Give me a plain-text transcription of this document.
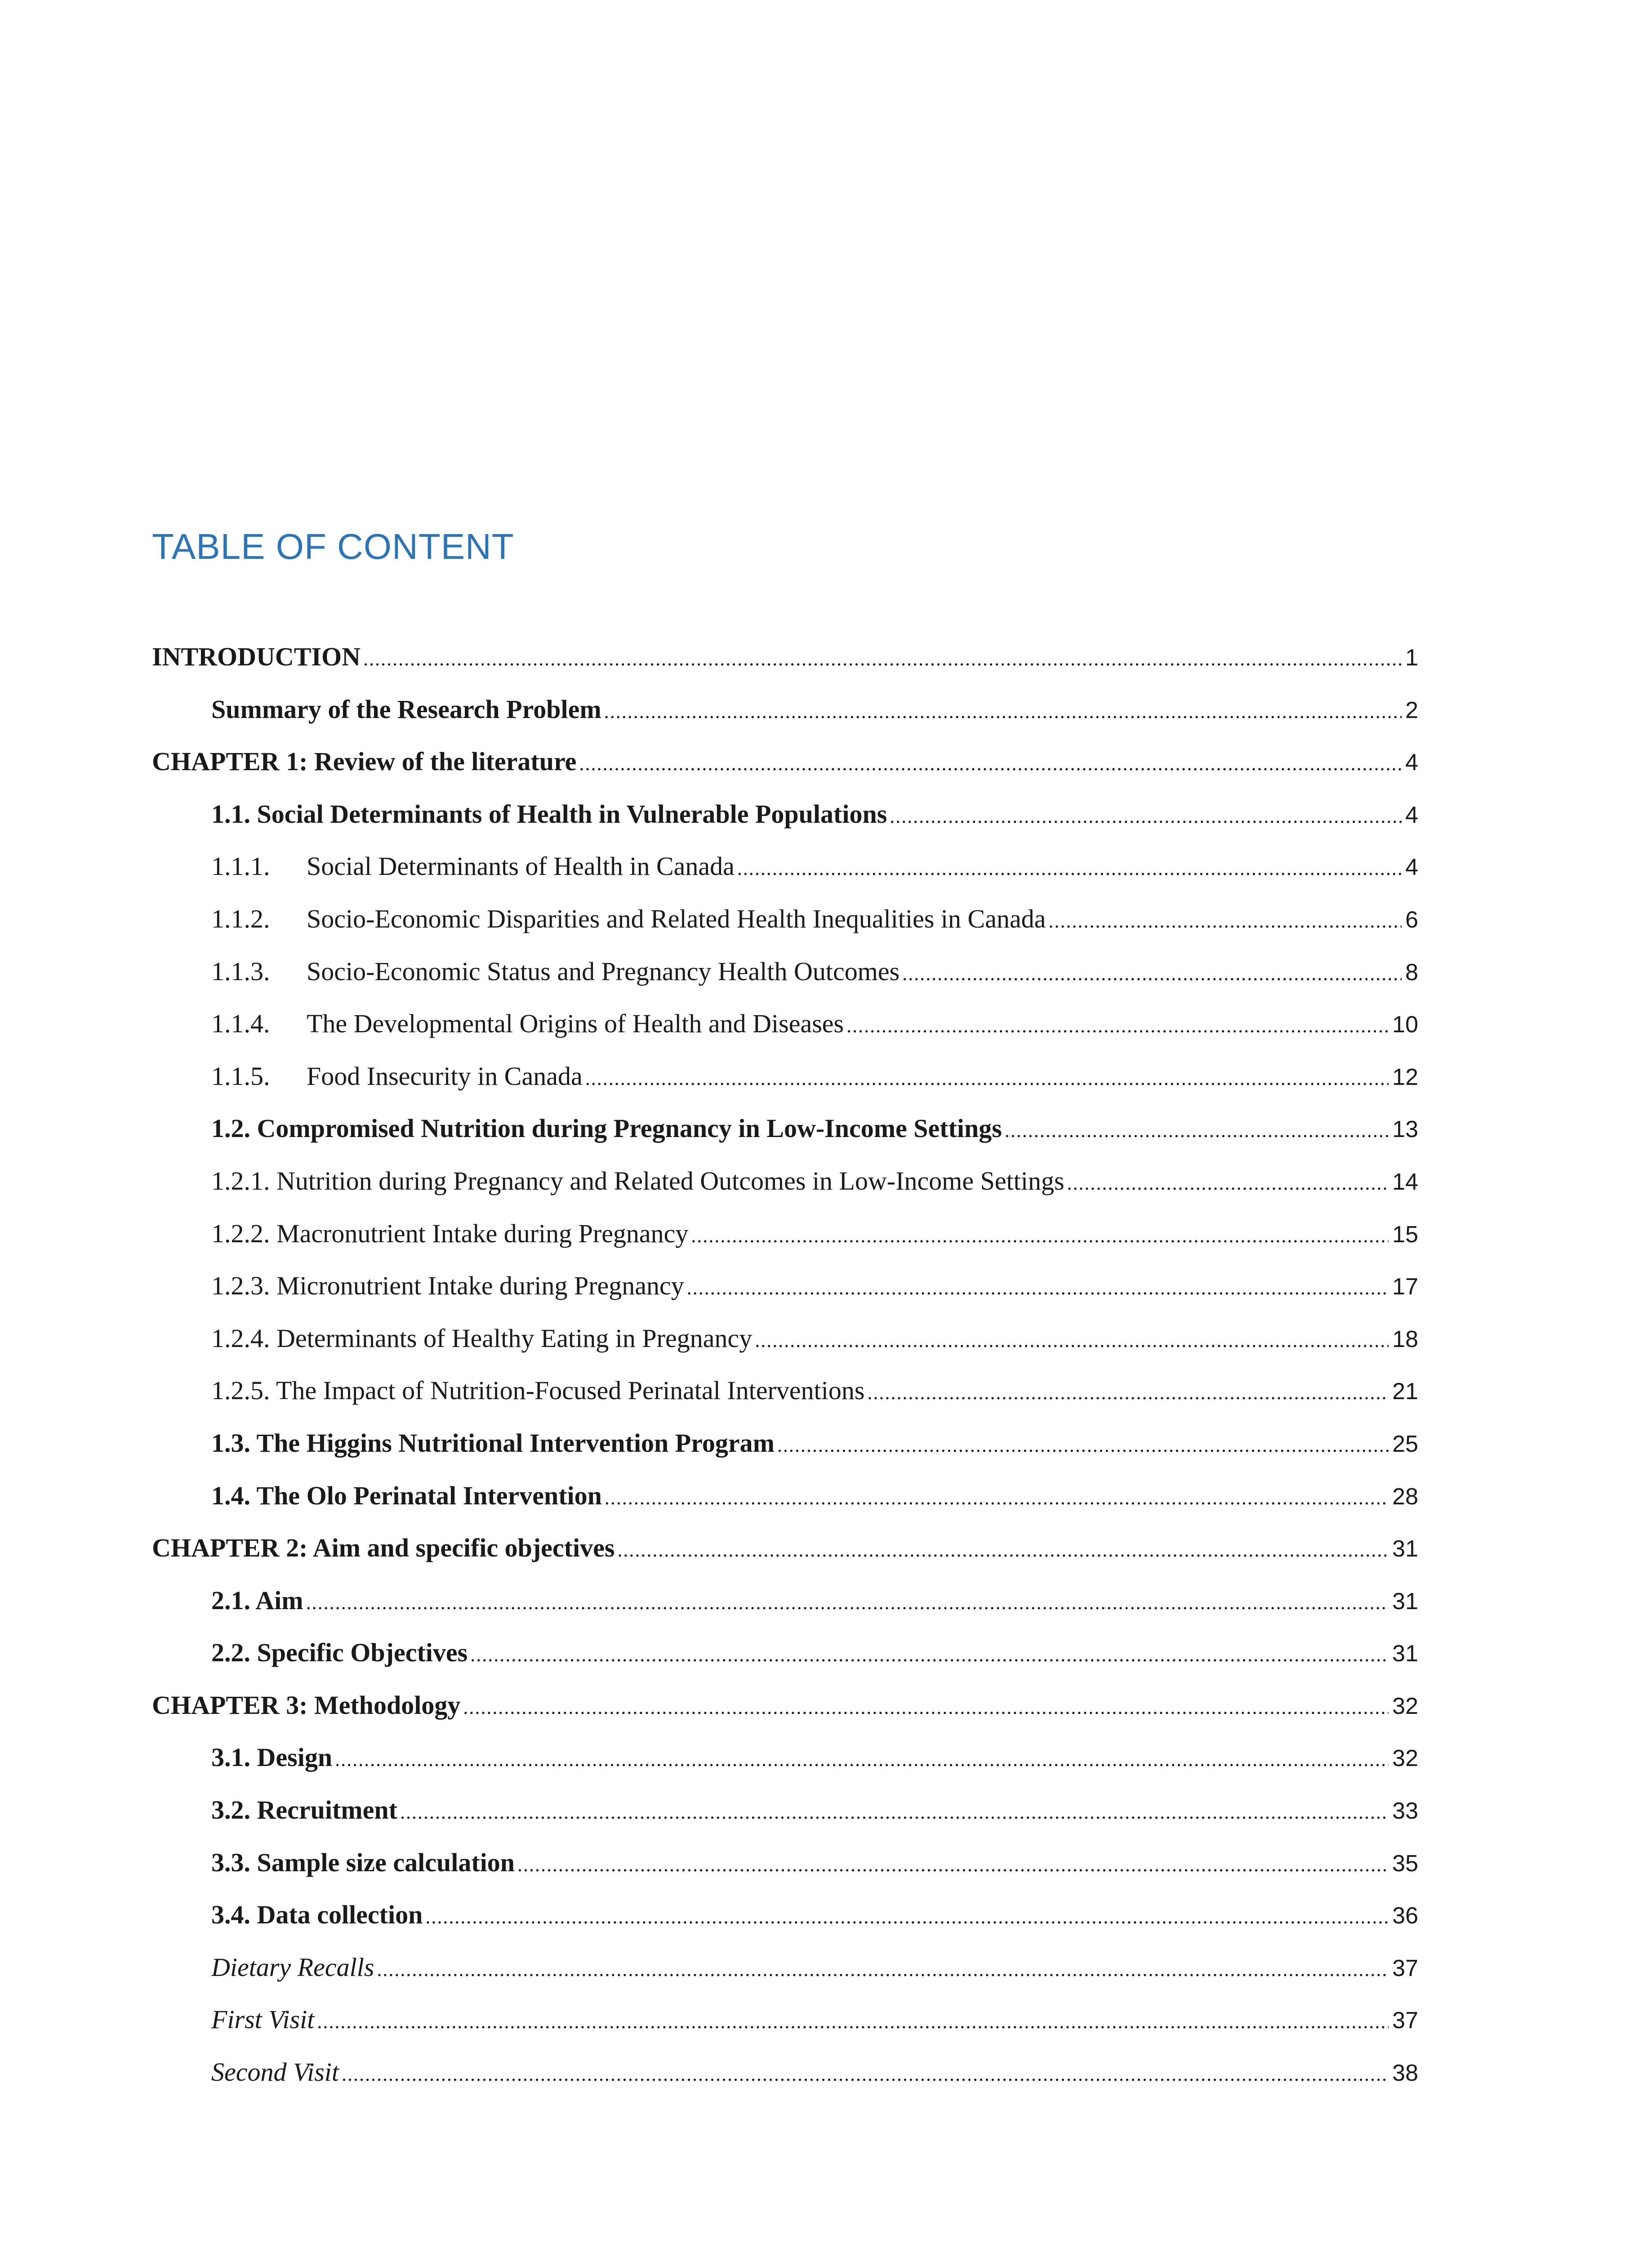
TABLE OF CONTENT
INTRODUCTION .....	1
Summary of the Research Problem .....	2
CHAPTER 1: Review of the literature .....	4
1.1. Social Determinants of Health in Vulnerable Populations .....	4
1.1.1.	Social Determinants of Health in Canada .....	4
1.1.2.	Socio-Economic Disparities and Related Health Inequalities in Canada .....	6
1.1.3.	Socio-Economic Status and Pregnancy Health Outcomes .....	8
1.1.4.	The Developmental Origins of Health and Diseases .....	10
1.1.5.	Food Insecurity in Canada .....	12
1.2. Compromised Nutrition during Pregnancy in Low-Income Settings .....	13
1.2.1. Nutrition during Pregnancy and Related Outcomes in Low-Income Settings .....	14
1.2.2. Macronutrient Intake during Pregnancy .....	15
1.2.3. Micronutrient Intake during Pregnancy .....	17
1.2.4. Determinants of Healthy Eating in Pregnancy .....	18
1.2.5. The Impact of Nutrition-Focused Perinatal Interventions .....	21
1.3. The Higgins Nutritional Intervention Program .....	25
1.4. The Olo Perinatal Intervention .....	28
CHAPTER 2: Aim and specific objectives .....	31
2.1. Aim .....	31
2.2. Specific Objectives .....	31
CHAPTER 3: Methodology .....	32
3.1. Design .....	32
3.2. Recruitment .....	33
3.3. Sample size calculation .....	35
3.4. Data collection .....	36
Dietary Recalls .....	37
First Visit .....	37
Second Visit .....	38
